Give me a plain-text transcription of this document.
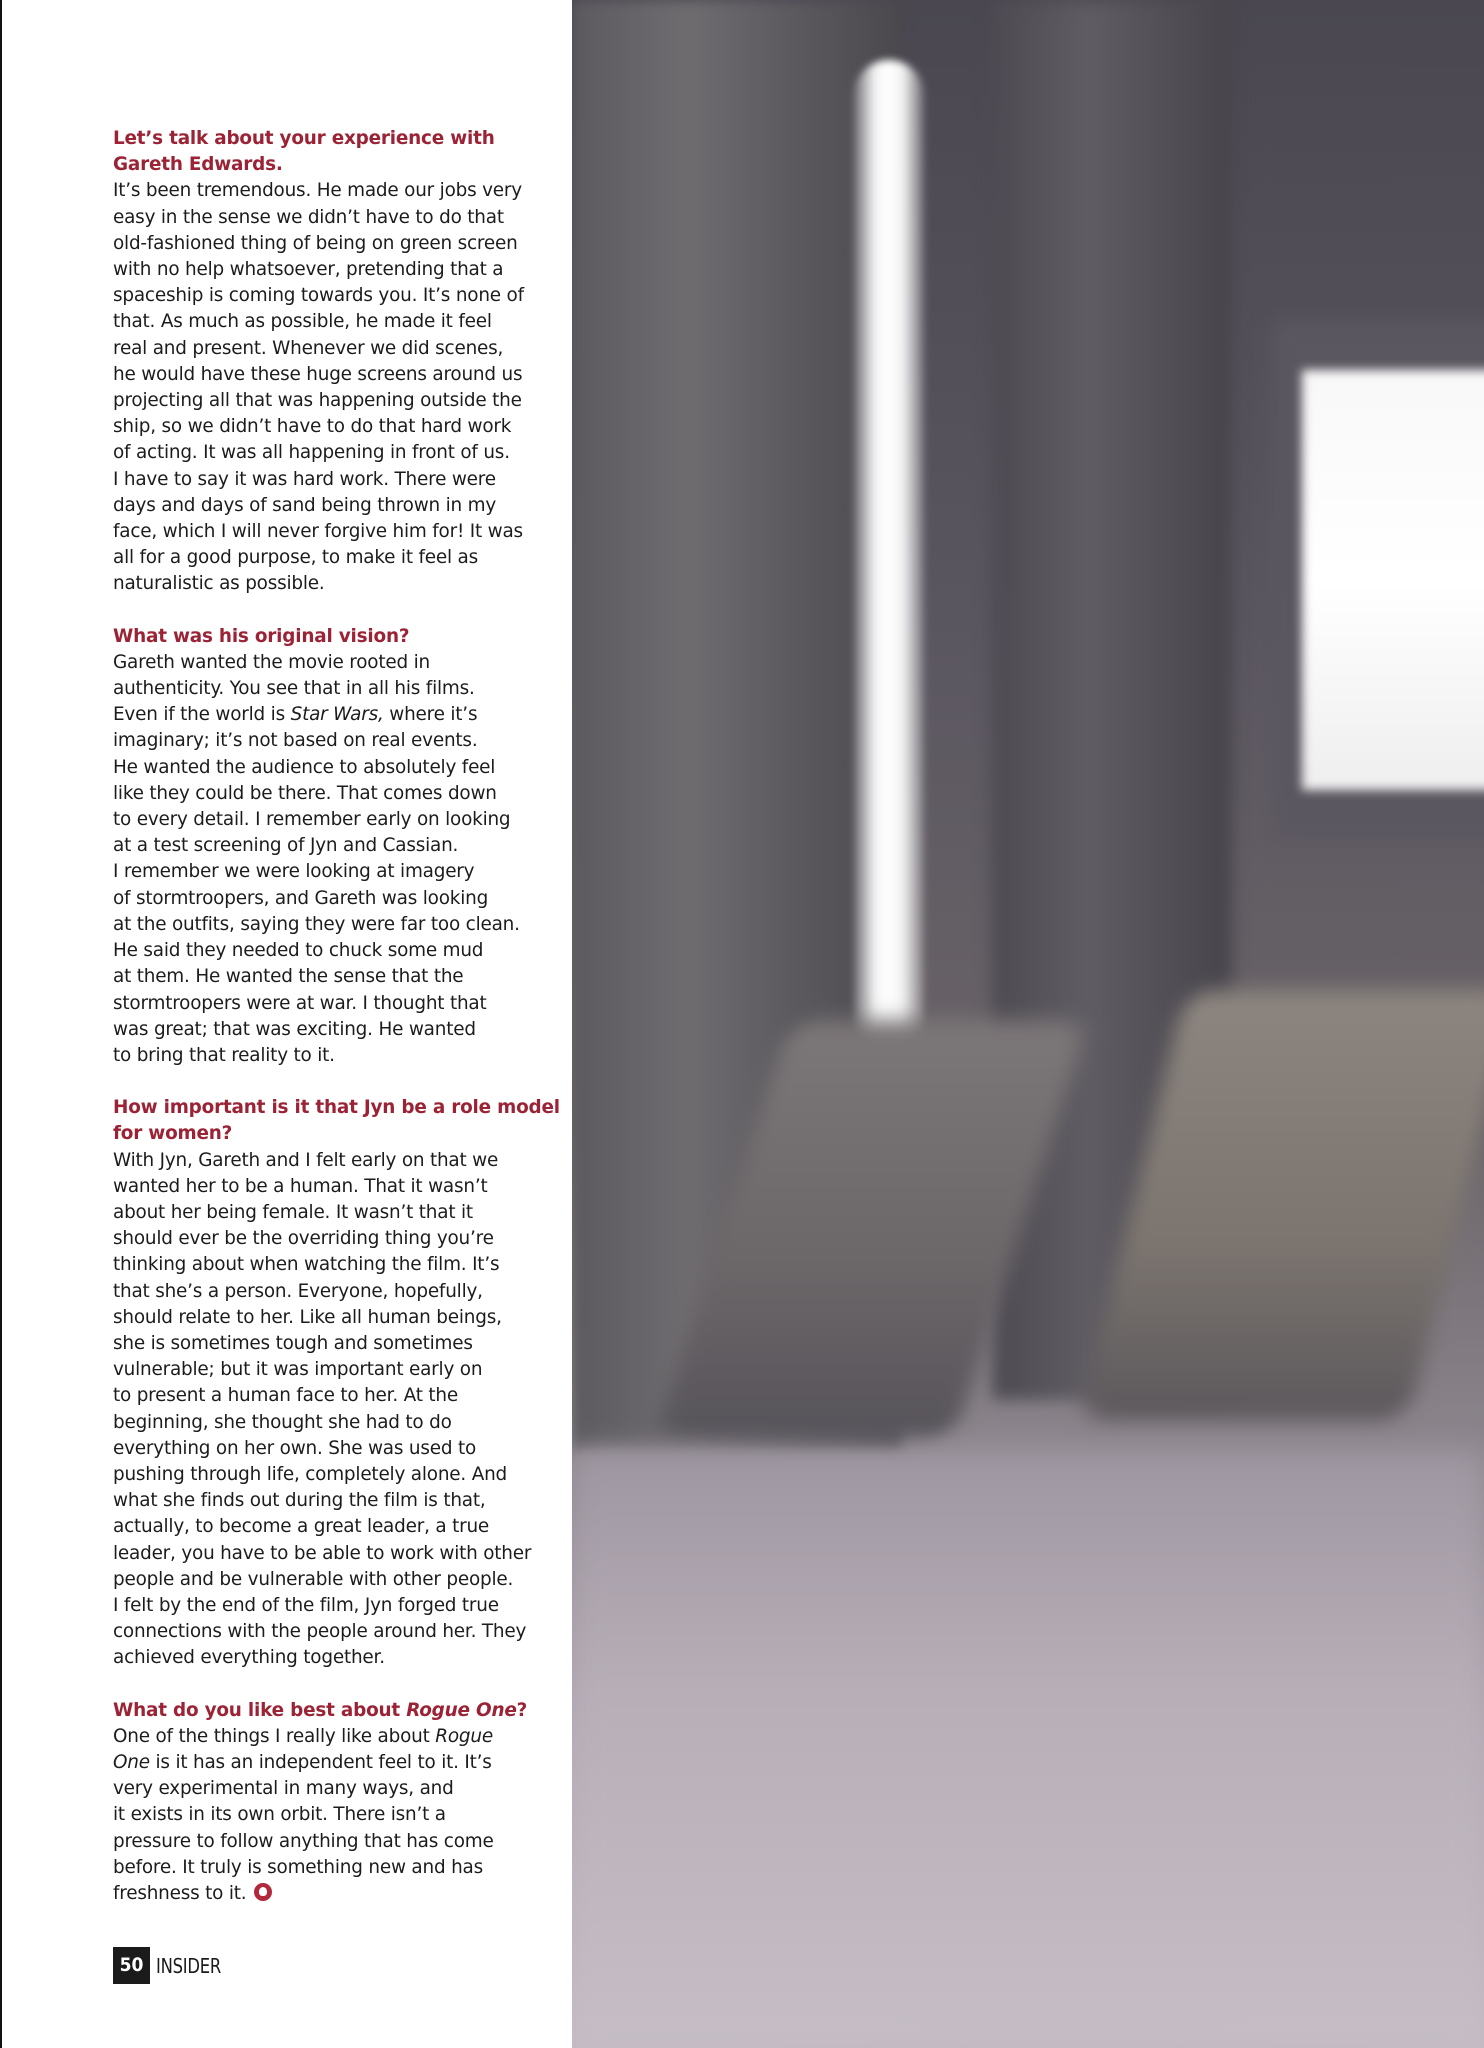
Let’s talk about your experience with
Gareth Edwards.

It’s been tremendous. He made our jobs very
easy in the sense we didn’t have to do that
old-fashioned thing of being on green screen
with no help whatsoever, pretending that a
spaceship is coming towards you. It’s none of
that. As much as possible, he made it feel
real and present. Whenever we did scenes,
he would have these huge screens around us
projecting all that was happening outside the
ship, so we didn’t have to do that hard work
of acting. It was all happening in front of us.
I have to say it was hard work. There were
days and days of sand being thrown in my
face, which I will never forgive him for! It was
all for a good purpose, to make it feel as
naturalistic as possible.

What was his original vision?

Gareth wanted the movie rooted in
authenticity. You see that in all his films.
Even if the world is Star Wars, where it’s
imaginary; it’s not based on real events.
He wanted the audience to absolutely feel
like they could be there. That comes down
to every detail. I remember early on looking
at a test screening of Jyn and Cassian.
I remember we were looking at imagery
of stormtroopers, and Gareth was looking
at the outfits, saying they were far too clean.
He said they needed to chuck some mud
at them. He wanted the sense that the
stormtroopers were at war. I thought that
was great; that was exciting. He wanted
to bring that reality to it.

How important is it that Jyn be a role model
for women?

With Jyn, Gareth and I felt early on that we
wanted her to be a human. That it wasn’t
about her being female. It wasn’t that it
should ever be the overriding thing you’re
thinking about when watching the film. It’s
that she’s a person. Everyone, hopefully,
should relate to her. Like all human beings,
she is sometimes tough and sometimes
vulnerable; but it was important early on
to present a human face to her. At the
beginning, she thought she had to do
everything on her own. She was used to
pushing through life, completely alone. And
what she finds out during the film is that,
actually, to become a great leader, a true
leader, you have to be able to work with other
people and be vulnerable with other people.
I felt by the end of the film, Jyn forged true
connections with the people around her. They
achieved everything together.

What do you like best about Rogue One?

One of the things I really like about Rogue
One is it has an independent feel to it. It’s
very experimental in many ways, and
it exists in its own orbit. There isn’t a
pressure to follow anything that has come
before. It truly is something new and has
freshness to it.

50 INSIDER
